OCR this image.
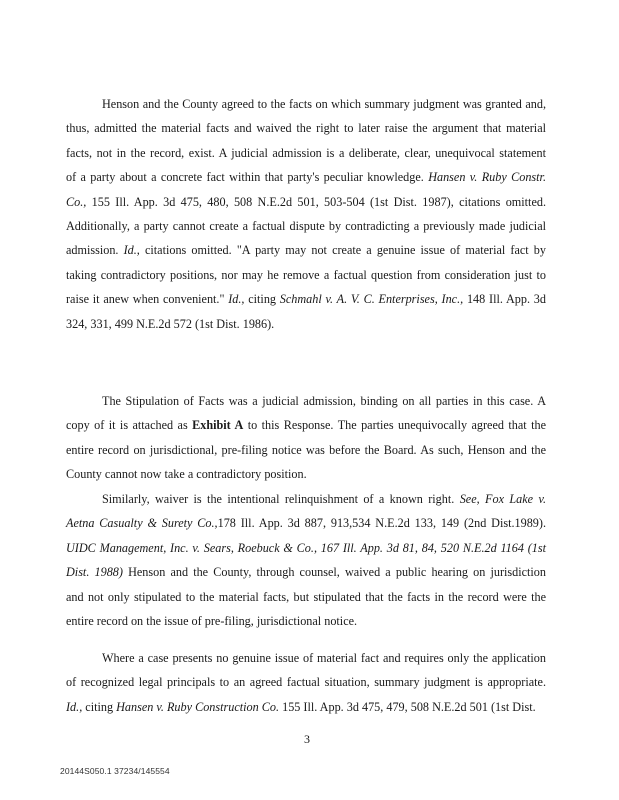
Henson and the County agreed to the facts on which summary judgment was granted and,
thus, admitted the material facts and waived the right to later raise the argument that material
facts, not in the record, exist. A judicial admission is a deliberate, clear, unequivocal statement
of a party about a concrete fact within that party's peculiar knowledge. Hansen v. Ruby Constr.
Co., 155 Ill. App. 3d 475, 480, 508 N.E.2d 501, 503-504 (1st Dist. 1987), citations omitted.
Additionally, a party cannot create a factual dispute by contradicting a previously made judicial
admission. Id., citations omitted. "A party may not create a genuine issue of material fact by
taking contradictory positions, nor may he remove a factual question from consideration just to
raise it anew when convenient." Id., citing Schmahl v. A. V. C. Enterprises, Inc., 148 Ill. App. 3d
324, 331, 499 N.E.2d 572 (1st Dist. 1986).
The Stipulation of Facts was a judicial admission, binding on all parties in this case. A
copy of it is attached as Exhibit A to this Response. The parties unequivocally agreed that the
entire record on jurisdictional, pre-filing notice was before the Board. As such, Henson and the
County cannot now take a contradictory position.
Similarly, waiver is the intentional relinquishment of a known right. See, Fox Lake v.
Aetna Casualty & Surety Co.,178 Ill. App. 3d 887, 913,534 N.E.2d 133, 149 (2nd Dist.1989).
UIDC Management, Inc. v. Sears, Roebuck & Co., 167 Ill. App. 3d 81, 84, 520 N.E.2d 1164 (1st
Dist. 1988) Henson and the County, through counsel, waived a public hearing on jurisdiction
and not only stipulated to the material facts, but stipulated that the facts in the record were the
entire record on the issue of pre-filing, jurisdictional notice.
Where a case presents no genuine issue of material fact and requires only the application
of recognized legal principals to an agreed factual situation, summary judgment is appropriate.
Id., citing Hansen v. Ruby Construction Co. 155 Ill. App. 3d 475, 479, 508 N.E.2d 501 (1st Dist.
3
20144S050.1 37234/145554
